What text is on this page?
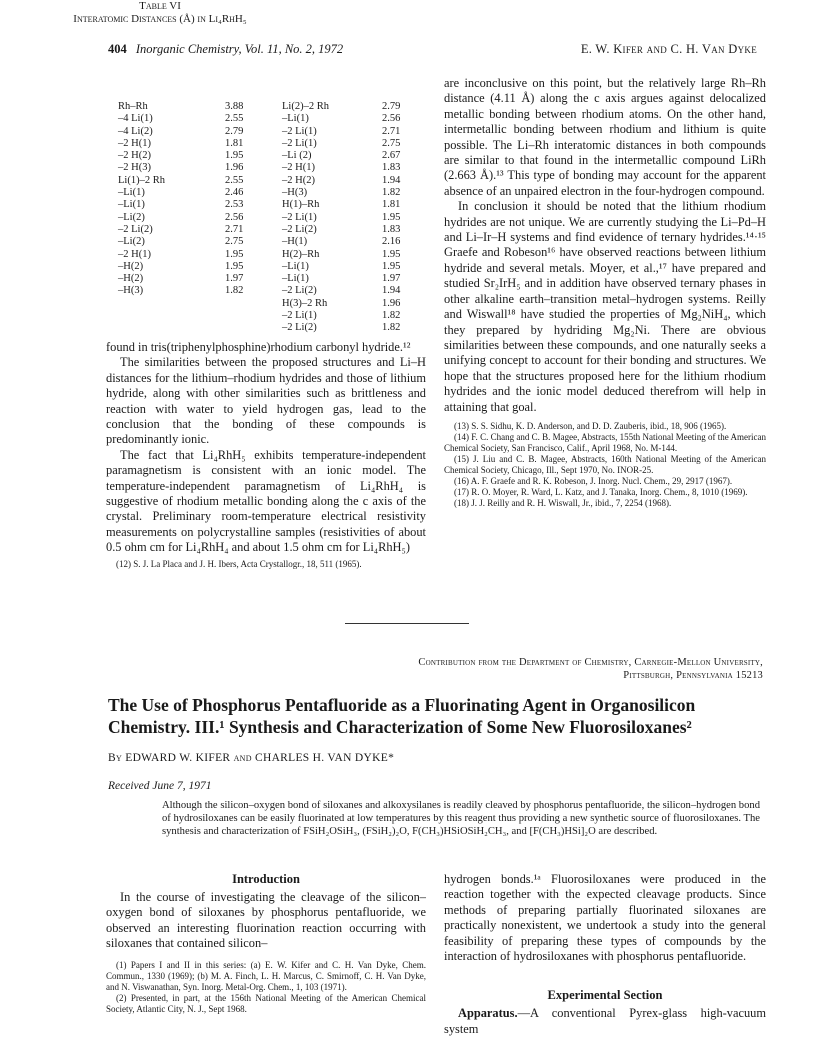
404 Inorganic Chemistry, Vol. 11, No. 2, 1972	E. W. Kifer and C. H. Van Dyke
Table VI
Interatomic Distances (Å) in Li₄RhH₅
Rh–Rh	3.88
–4 Li(1)	2.55
–4 Li(2)	2.79
–2 H(1)	1.81
–2 H(2)	1.95
–2 H(3)	1.96
Li(1)–2 Rh	2.55
–Li(1)	2.46
–Li(1)	2.53
–Li(2)	2.56
–2 Li(2)	2.71
–Li(2)	2.75
–2 H(1)	1.95
–H(2)	1.95
–H(2)	1.97
–H(3)	1.82
Li(2)–2 Rh	2.79
–Li(1)	2.56
–2 Li(1)	2.71
–2 Li(1)	2.75
–Li (2)	2.67
–2 H(1)	1.83
–2 H(2)	1.94
–H(3)	1.82
H(1)–Rh	1.81
–2 Li(1)	1.95
–2 Li(2)	1.83
–H(1)	2.16
H(2)–Rh	1.95
–Li(1)	1.95
–Li(1)	1.97
–2 Li(2)	1.94
H(3)–2 Rh	1.96
–2 Li(1)	1.82
–2 Li(2)	1.82

found in tris(triphenylphosphine)rhodium carbonyl hydride.¹²

The similarities between the proposed structures and Li–H distances for the lithium–rhodium hydrides and those of lithium hydride, along with other similarities such as brittleness and reaction with water to yield hydrogen gas, lead to the conclusion that the bonding of these compounds is predominantly ionic.

The fact that Li₄RhH₅ exhibits temperature-independent paramagnetism is consistent with an ionic model. The temperature-independent paramagnetism of Li₄RhH₄ is suggestive of rhodium metallic bonding along the c axis of the crystal. Preliminary room-temperature electrical resistivity measurements on polycrystalline samples (resistivities of about 0.5 ohm cm for Li₄RhH₄ and about 1.5 ohm cm for Li₄RhH₅)

(12) S. J. La Placa and J. H. Ibers, Acta Crystallogr., 18, 511 (1965).

are inconclusive on this point, but the relatively large Rh–Rh distance (4.11 Å) along the c axis argues against delocalized metallic bonding between rhodium atoms. On the other hand, intermetallic bonding between rhodium and lithium is quite possible. The Li–Rh interatomic distances in both compounds are similar to that found in the intermetallic compound LiRh (2.663 Å).¹³ This type of bonding may account for the apparent absence of an unpaired electron in the four-hydrogen compound.

In conclusion it should be noted that the lithium rhodium hydrides are not unique. We are currently studying the Li–Pd–H and Li–Ir–H systems and find evidence of ternary hydrides.¹⁴·¹⁵ Graefe and Robeson¹⁶ have observed reactions between lithium hydride and several metals. Moyer, et al.,¹⁷ have prepared and studied Sr₂IrH₅ and in addition have observed ternary phases in other alkaline earth–transition metal–hydrogen systems. Reilly and Wiswall¹⁸ have studied the properties of Mg₂NiH₄, which they prepared by hydriding Mg₂Ni. There are obvious similarities between these compounds, and one naturally seeks a unifying concept to account for their bonding and structures. We hope that the structures proposed here for the lithium rhodium hydrides and the ionic model deduced therefrom will help in attaining that goal.

(13) S. S. Sidhu, K. D. Anderson, and D. D. Zauberis, ibid., 18, 906 (1965).

(14) F. C. Chang and C. B. Magee, Abstracts, 155th National Meeting of the American Chemical Society, San Francisco, Calif., April 1968, No. M-144.

(15) J. Liu and C. B. Magee, Abstracts, 160th National Meeting of the American Chemical Society, Chicago, Ill., Sept 1970, No. INOR-25.

(16) A. F. Graefe and R. K. Robeson, J. Inorg. Nucl. Chem., 29, 2917 (1967).

(17) R. O. Moyer, R. Ward, L. Katz, and J. Tanaka, Inorg. Chem., 8, 1010 (1969).

(18) J. J. Reilly and R. H. Wiswall, Jr., ibid., 7, 2254 (1968).

Contribution from the Department of Chemistry, Carnegie-Mellon University,
Pittsburgh, Pennsylvania 15213
The Use of Phosphorus Pentafluoride as a Fluorinating Agent in Organosilicon Chemistry. III.¹ Synthesis and Characterization of Some New Fluorosiloxanes²
By EDWARD W. KIFER and CHARLES H. VAN DYKE*
Received June 7, 1971
Although the silicon–oxygen bond of siloxanes and alkoxysilanes is readily cleaved by phosphorus pentafluoride, the silicon–hydrogen bond of hydrosiloxanes can be easily fluorinated at low temperatures by this reagent thus providing a new synthetic source of fluorosiloxanes. The synthesis and characterization of FSiH₂OSiH₃, (FSiH₂)₂O, F(CH₃)HSiOSiH₂CH₃, and [F(CH₃)HSi]₂O are described.

Introduction

In the course of investigating the cleavage of the silicon–oxygen bond of siloxanes by phosphorus pentafluoride, we observed an interesting fluorination reaction occurring with siloxanes that contained silicon–

(1) Papers I and II in this series: (a) E. W. Kifer and C. H. Van Dyke, Chem. Commun., 1330 (1969); (b) M. A. Finch, L. H. Marcus, C. Smirnoff, C. H. Van Dyke, and N. Viswanathan, Syn. Inorg. Metal-Org. Chem., 1, 103 (1971).

(2) Presented, in part, at the 156th National Meeting of the American Chemical Society, Atlantic City, N. J., Sept 1968.

hydrogen bonds.¹ᵃ Fluorosiloxanes were produced in the reaction together with the expected cleavage products. Since methods of preparing partially fluorinated siloxanes are practically nonexistent, we undertook a study into the general feasibility of preparing these types of compounds by the interaction of hydrosiloxanes with phosphorus pentafluoride.

Experimental Section

Apparatus.—A conventional Pyrex-glass high-vacuum system
